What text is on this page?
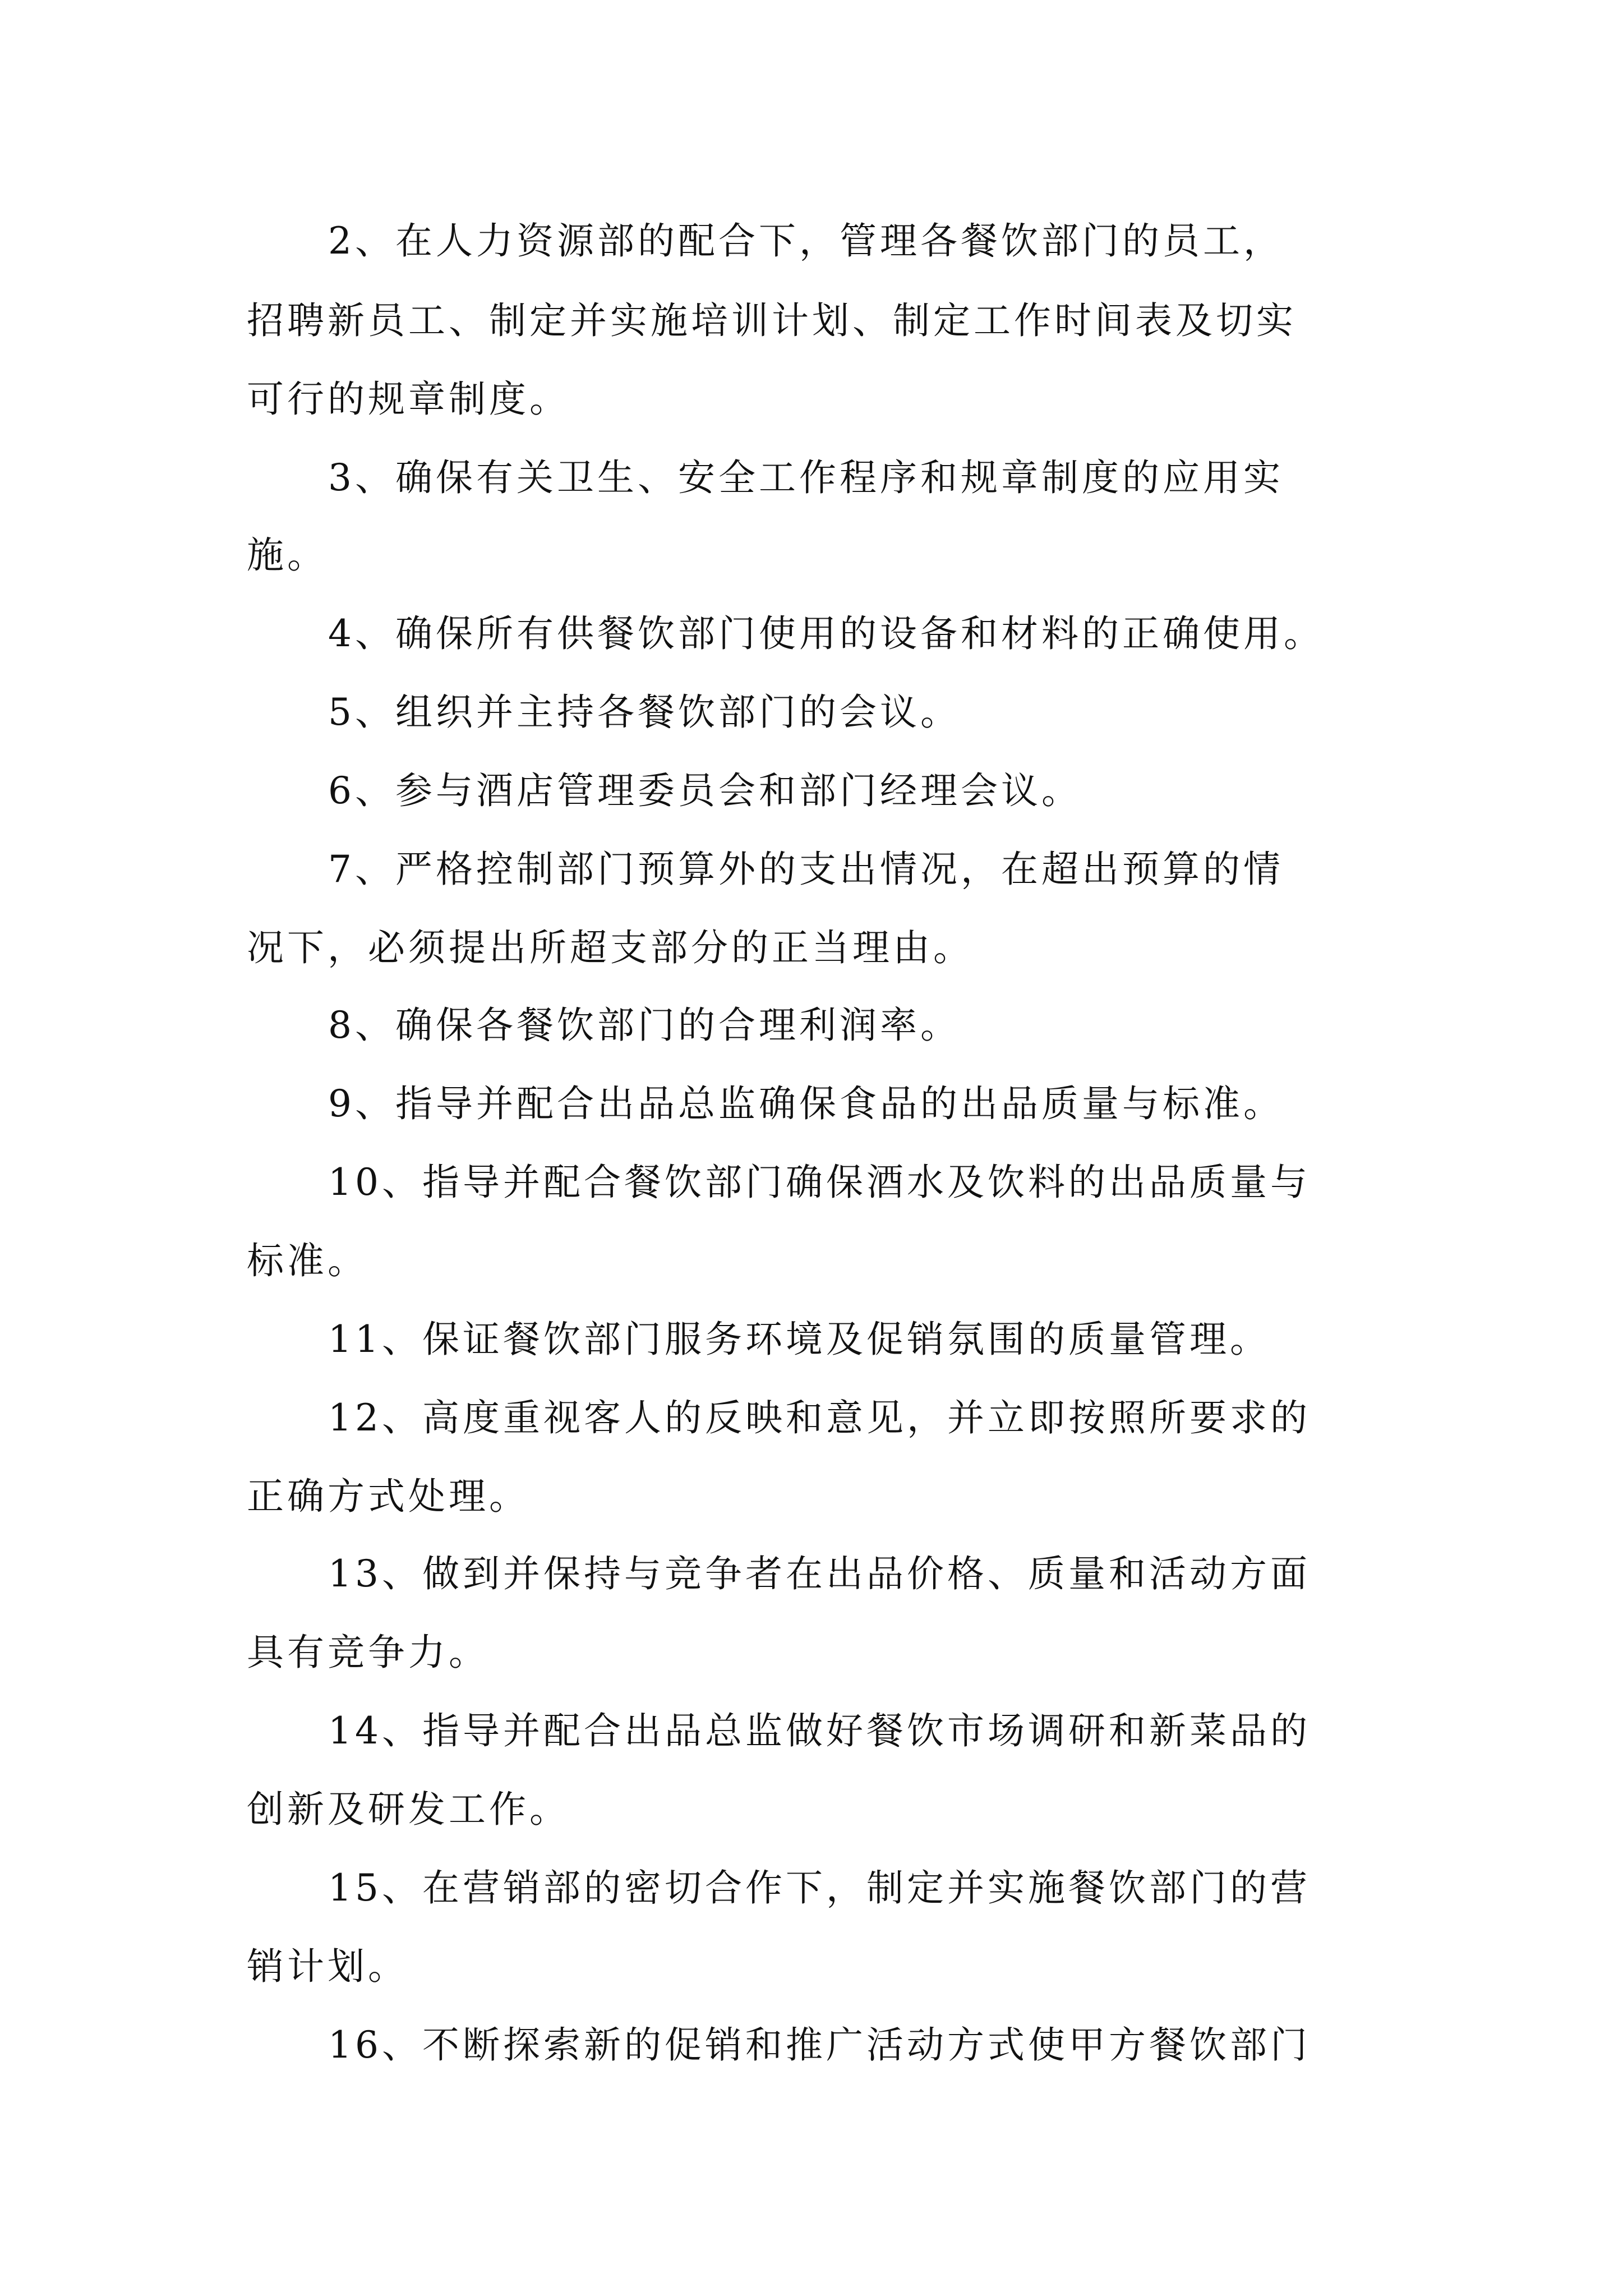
2、在人力资源部的配合下，管理各餐饮部门的员工，

招聘新员工、制定并实施培训计划、制定工作时间表及切实

可行的规章制度。

3、确保有关卫生、安全工作程序和规章制度的应用实

施。

4、确保所有供餐饮部门使用的设备和材料的正确使用。

5、组织并主持各餐饮部门的会议。

6、参与酒店管理委员会和部门经理会议。

7、严格控制部门预算外的支出情况，在超出预算的情

况下，必须提出所超支部分的正当理由。

8、确保各餐饮部门的合理利润率。

9、指导并配合出品总监确保食品的出品质量与标准。

10、指导并配合餐饮部门确保酒水及饮料的出品质量与

标准。

11、保证餐饮部门服务环境及促销氛围的质量管理。

12、高度重视客人的反映和意见，并立即按照所要求的

正确方式处理。

13、做到并保持与竞争者在出品价格、质量和活动方面

具有竞争力。

14、指导并配合出品总监做好餐饮市场调研和新菜品的

创新及研发工作。

15、在营销部的密切合作下，制定并实施餐饮部门的营

销计划。

16、不断探索新的促销和推广活动方式使甲方餐饮部门
